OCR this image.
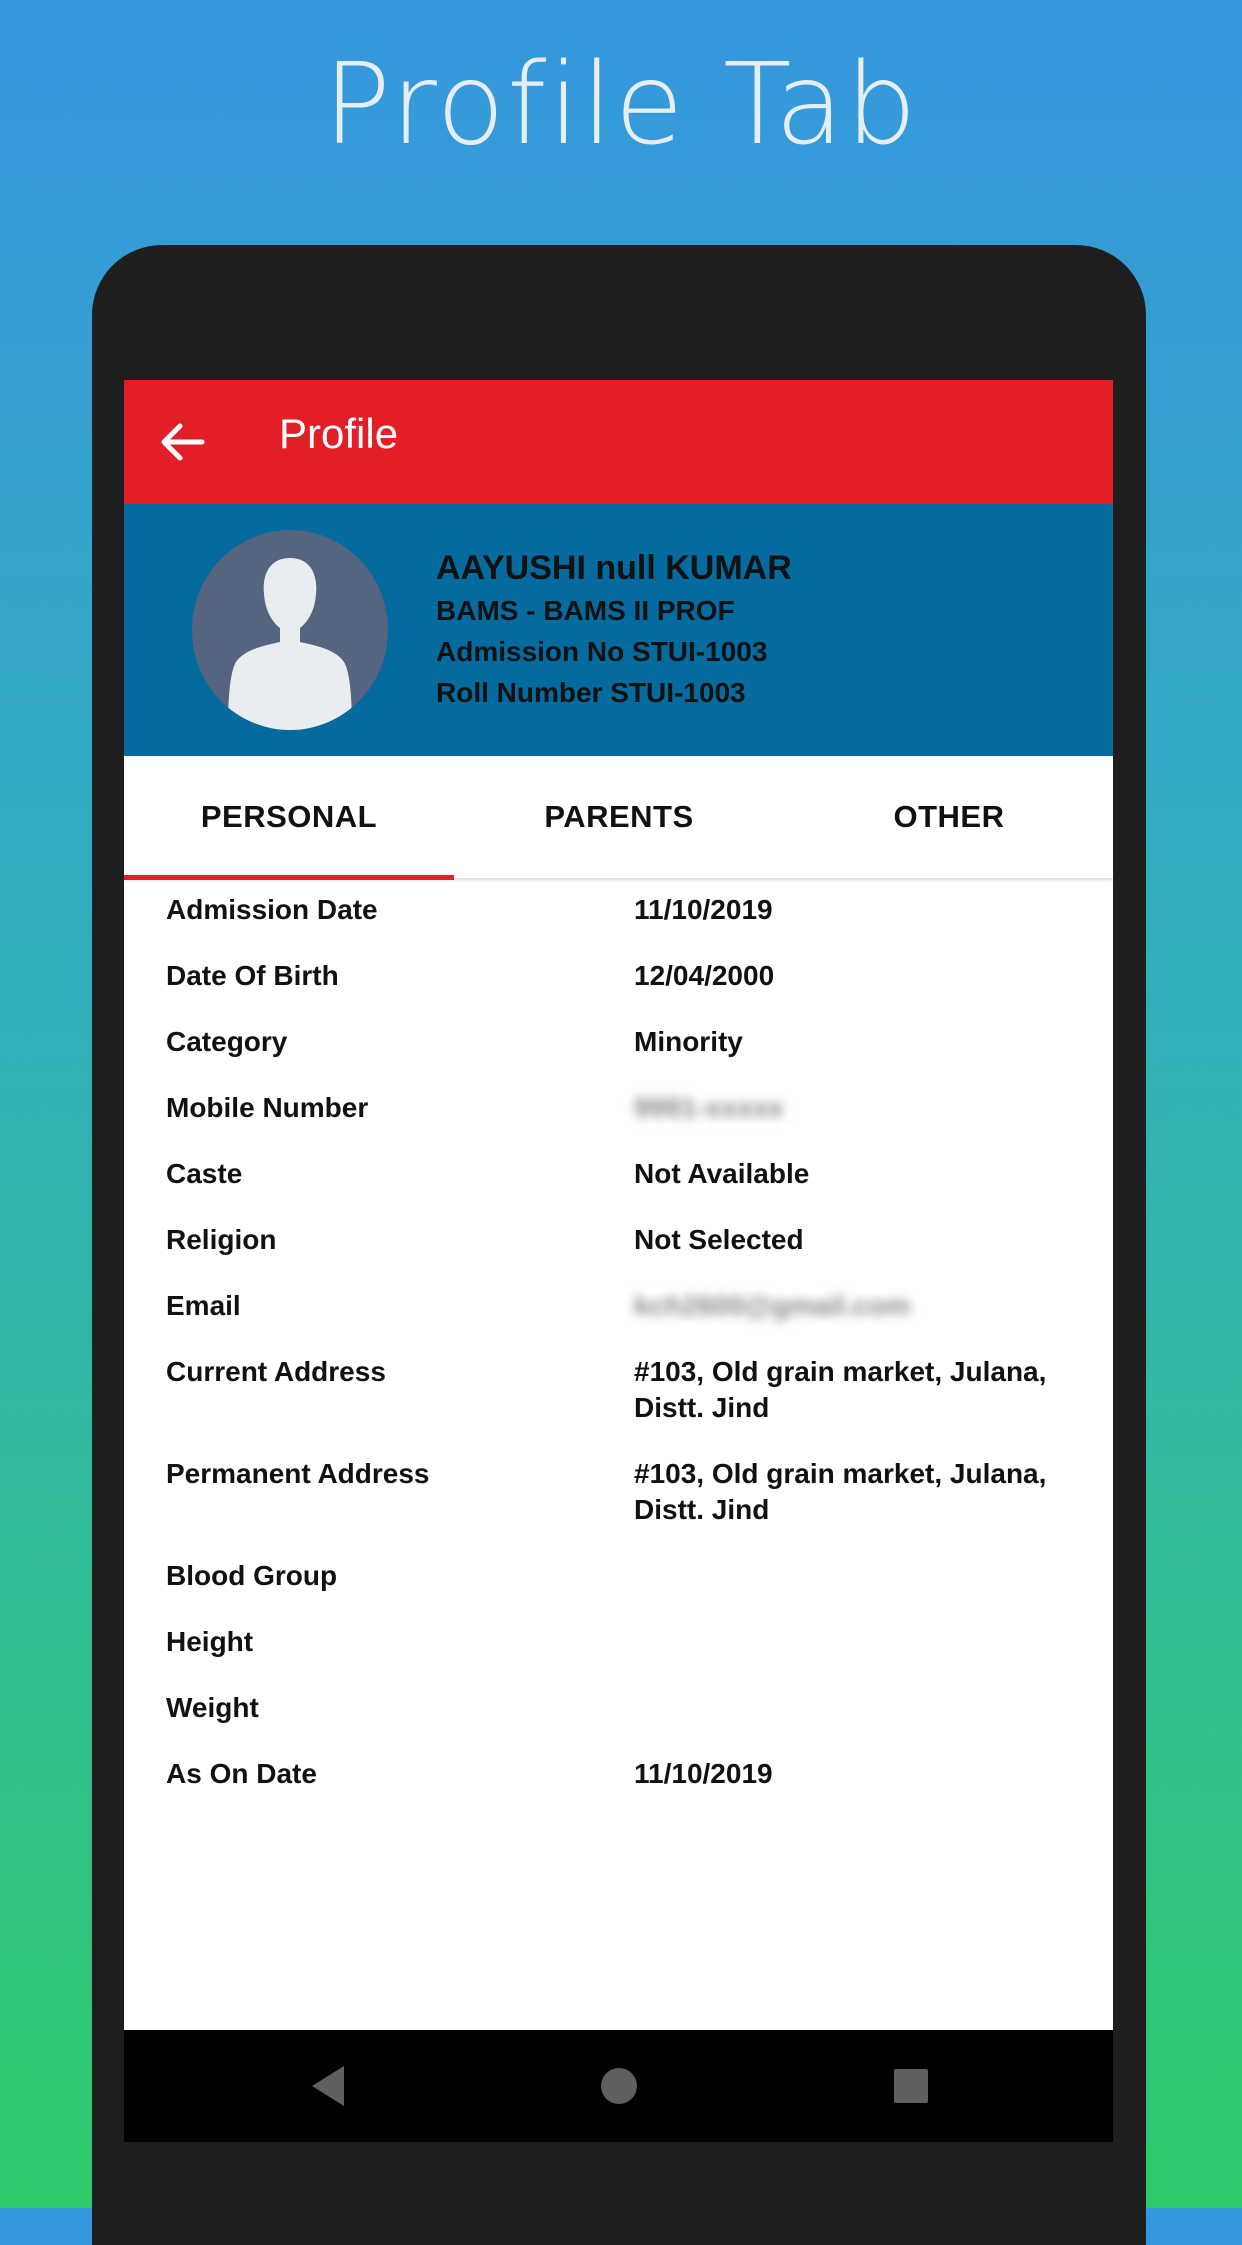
Profile Tab
Profile
AAYUSHI null KUMAR
BAMS - BAMS II PROF
Admission No STUI-1003
Roll Number STUI-1003
PERSONAL	PARENTS	OTHER
Admission Date	11/10/2019
Date Of Birth	12/04/2000
Category	Minority
Mobile Number	9991-xxxxx
Caste	Not Available
Religion	Not Selected
Email	kch2600@gmail.com
Current Address	#103, Old grain market, Julana, Distt. Jind
Permanent Address	#103, Old grain market, Julana, Distt. Jind
Blood Group
Height
Weight
As On Date	11/10/2019
